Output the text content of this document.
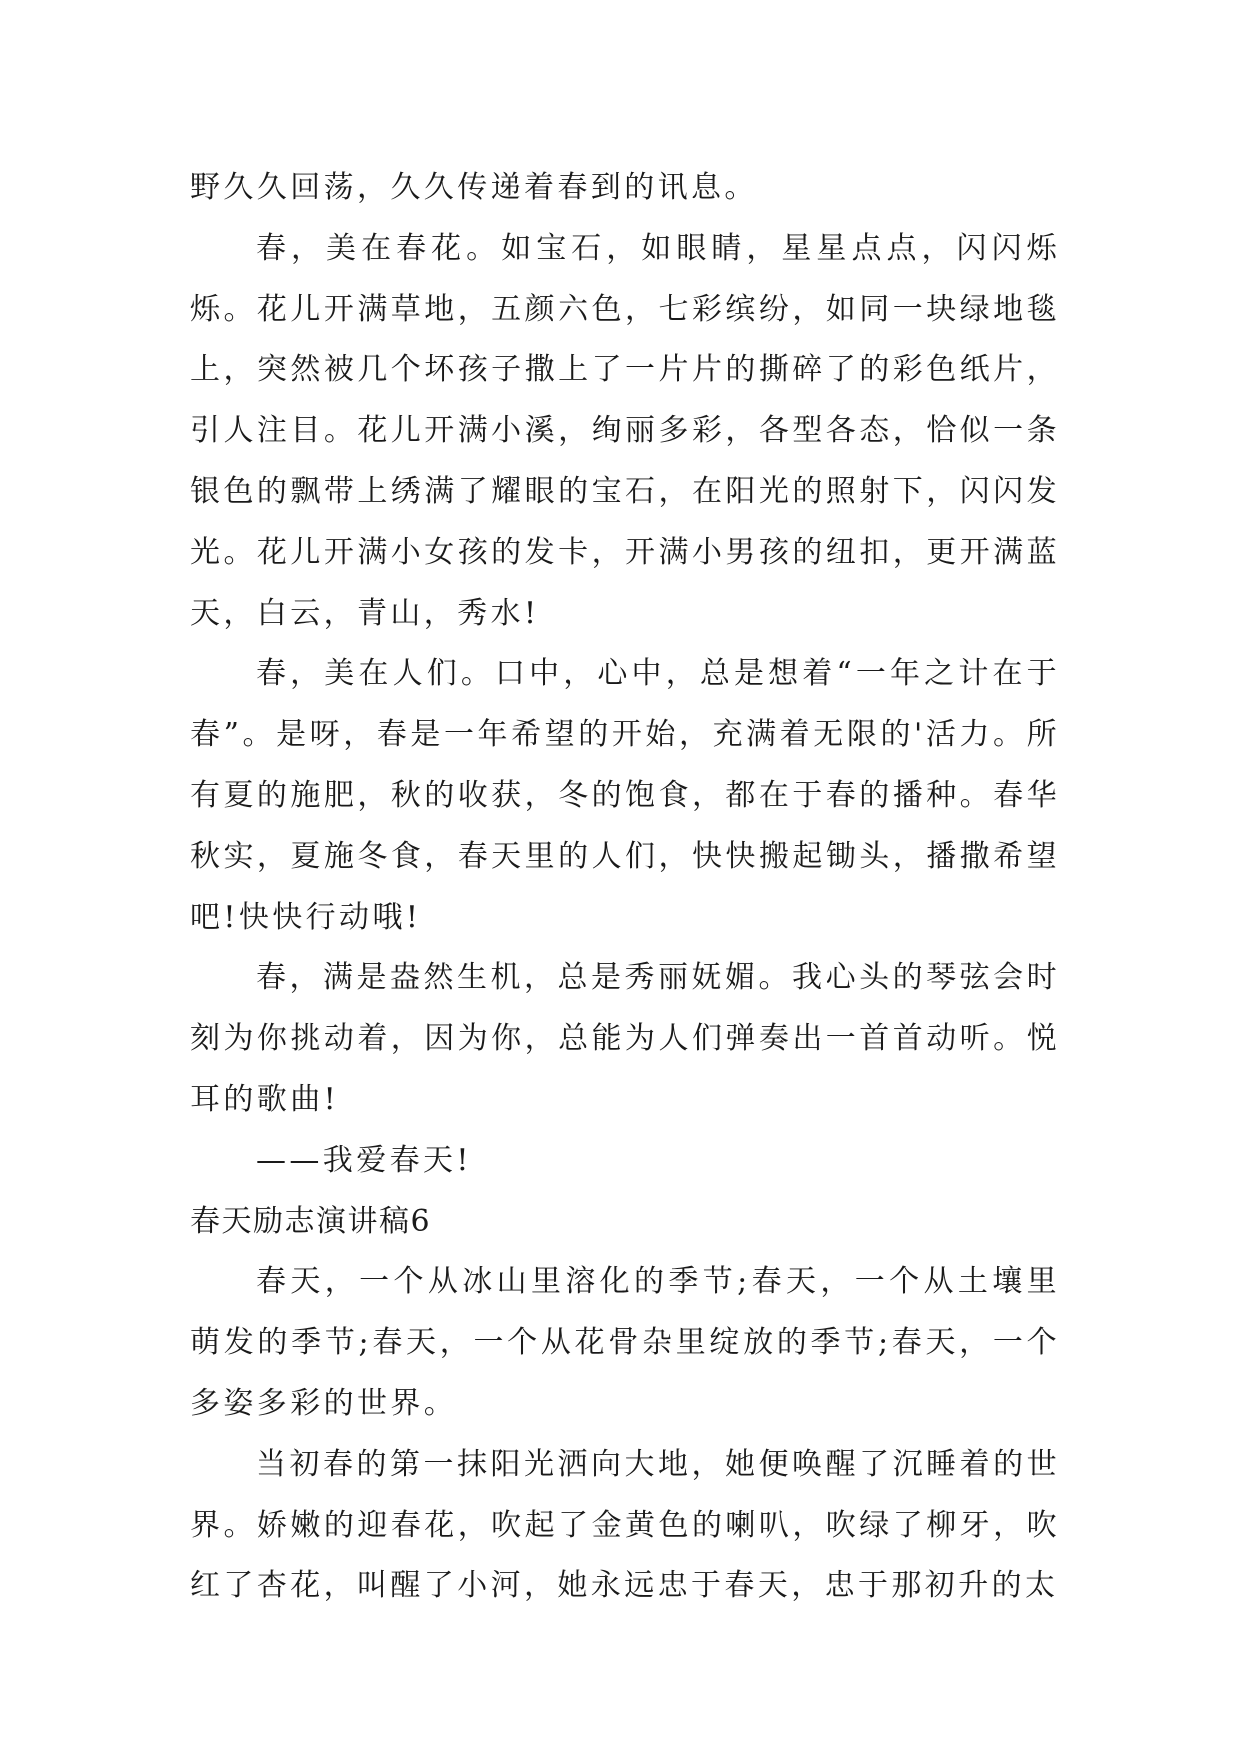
野久久回荡，久久传递着春到的讯息。

春，美在春花。如宝石，如眼睛，星星点点，闪闪烁烁。花儿开满草地，五颜六色，七彩缤纷，如同一块绿地毯上，突然被几个坏孩子撒上了一片片的撕碎了的彩色纸片，引人注目。花儿开满小溪，绚丽多彩，各型各态，恰似一条银色的飘带上绣满了耀眼的宝石，在阳光的照射下，闪闪发光。花儿开满小女孩的发卡，开满小男孩的纽扣，更开满蓝天，白云，青山，秀水!

春，美在人们。口中，心中，总是想着“一年之计在于春”。是呀，春是一年希望的开始，充满着无限的'活力。所有夏的施肥，秋的收获，冬的饱食，都在于春的播种。春华秋实，夏施冬食，春天里的人们，快快搬起锄头，播撒希望吧!快快行动哦!

春，满是盎然生机，总是秀丽妩媚。我心头的琴弦会时刻为你挑动着，因为你，总能为人们弹奏出一首首动听。悦耳的歌曲!

——我爱春天!

春天励志演讲稿6

春天，一个从冰山里溶化的季节;春天，一个从土壤里萌发的季节;春天，一个从花骨杂里绽放的季节;春天，一个多姿多彩的世界。

当初春的第一抹阳光洒向大地，她便唤醒了沉睡着的世界。娇嫩的迎春花，吹起了金黄色的喇叭，吹绿了柳牙，吹红了杏花，叫醒了小河，她永远忠于春天，忠于那初升的太
